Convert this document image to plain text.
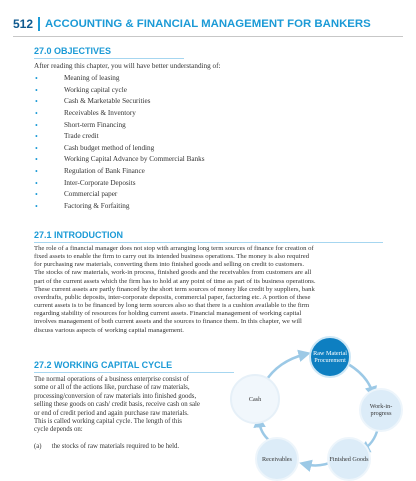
512	ACCOUNTING & FINANCIAL MANAGEMENT FOR BANKERS
27.0 OBJECTIVES

After reading this chapter, you will have better understanding of:

• Meaning of leasing
• Working capital cycle
• Cash & Marketable Securities
• Receivables & Inventory
• Short-term Financing
• Trade credit
• Cash budget method of lending
• Working Capital Advance by Commercial Banks
• Regulation of Bank Finance
• Inter-Corporate Deposits
• Commercial paper
• Factoring & Forfaiting
27.1 INTRODUCTION
The role of a financial manager does not stop with arranging long term sources of finance for creation of
fixed assets to enable the firm to carry out its intended business operations. The money is also required
for purchasing raw materials, converting them into finished goods and selling on credit to customers.
The stocks of raw materials, work-in process, finished goods and the receivables from customers are all
part of the current assets which the firm has to hold at any point of time as part of its business operations.
These current assets are partly financed by the short term sources of money like credit by suppliers, bank
overdrafts, public deposits, inter-corporate deposits, commercial paper, factoring etc. A portion of these
current assets is to be financed by long term sources also so that there is a cushion available to the firm
regarding stability of resources for holding current assets. Financial management of working capital
involves management of both current assets and the sources to finance them. In this chapter, we will
discuss various aspects of working capital management.
27.2 WORKING CAPITAL CYCLE
The normal operations of a business enterprise consist of
some or all of the actions like, purchase of raw materials,
processing/conversion of raw materials into finished goods,
selling these goods on cash/ credit basis, receive cash on sale
or end of credit period and again purchase raw materials.
This is called working capital cycle. The length of this
cycle depends on:
(a) the stocks of raw materials required to be held.
Raw Material Procurement
Work-in-progress
Finished Goods
Receivables
Cash
